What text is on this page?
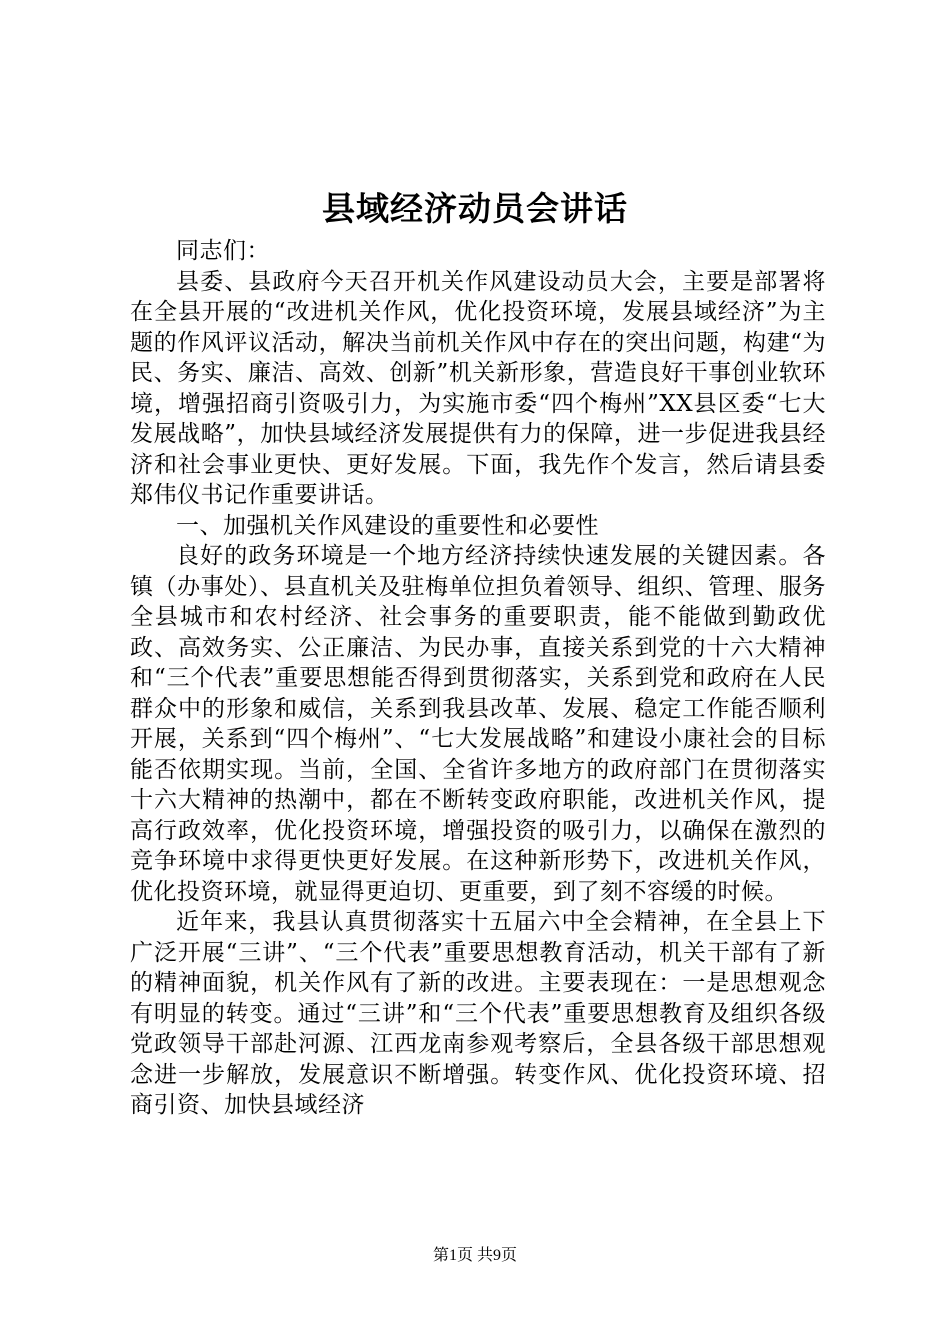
县域经济动员会讲话

同志们：

县委、县政府今天召开机关作风建设动员大会，主要是部署将在全县开展的“改进机关作风，优化投资环境，发展县域经济”为主题的作风评议活动，解决当前机关作风中存在的突出问题，构建“为民、务实、廉洁、高效、创新”机关新形象，营造良好干事创业软环境，增强招商引资吸引力，为实施市委“四个梅州”XX县区委“七大发展战略”，加快县域经济发展提供有力的保障，进一步促进我县经济和社会事业更快、更好发展。下面，我先作个发言，然后请县委郑伟仪书记作重要讲话。

一、加强机关作风建设的重要性和必要性

良好的政务环境是一个地方经济持续快速发展的关键因素。各镇（办事处）、县直机关及驻梅单位担负着领导、组织、管理、服务全县城市和农村经济、社会事务的重要职责，能不能做到勤政优政、高效务实、公正廉洁、为民办事，直接关系到党的十六大精神和“三个代表”重要思想能否得到贯彻落实，关系到党和政府在人民群众中的形象和威信，关系到我县改革、发展、稳定工作能否顺利开展，关系到“四个梅州”、“七大发展战略”和建设小康社会的目标能否依期实现。当前，全国、全省许多地方的政府部门在贯彻落实十六大精神的热潮中，都在不断转变政府职能，改进机关作风，提高行政效率，优化投资环境，增强投资的吸引力，以确保在激烈的竞争环境中求得更快更好发展。在这种新形势下，改进机关作风，优化投资环境，就显得更迫切、更重要，到了刻不容缓的时候。

近年来，我县认真贯彻落实十五届六中全会精神，在全县上下广泛开展“三讲”、“三个代表”重要思想教育活动，机关干部有了新的精神面貌，机关作风有了新的改进。主要表现在：一是思想观念有明显的转变。通过“三讲”和“三个代表”重要思想教育及组织各级党政领导干部赴河源、江西龙南参观考察后，全县各级干部思想观念进一步解放，发展意识不断增强。转变作风、优化投资环境、招商引资、加快县域经济

第1页 共9页
